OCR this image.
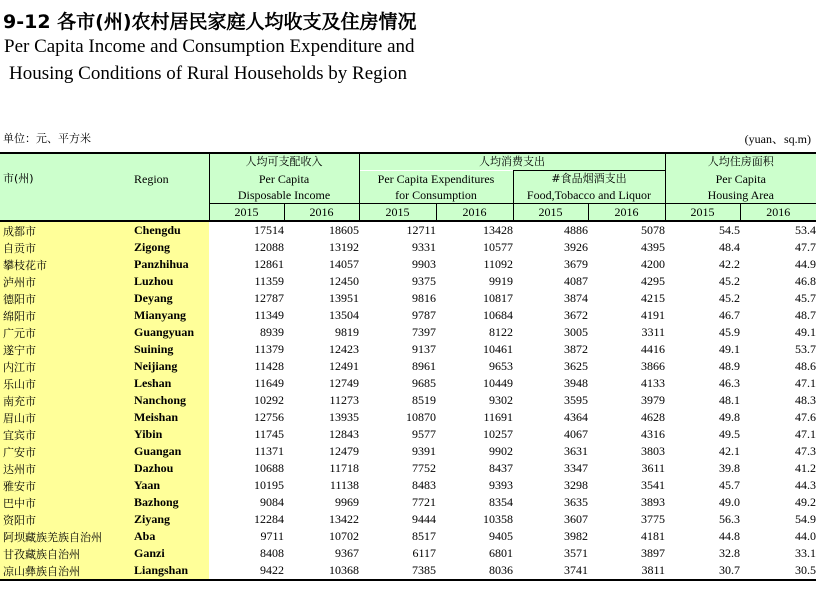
9-12 各市(州)农村居民家庭人均收支及住房情况
Per Capita Income and Consumption Expenditure and
Housing Conditions of Rural Households by Region
单位：元、平方米	(yuan、sq.m)
市(州)	Region	人均可支配收入		人均消费支出				人均住房面积	
		Per Capita		Per Capita Expenditures		#食品烟酒支出		Per Capita	
		Disposable Income		for Consumption		Food,Tobacco and Liquor		Housing Area	
		2015	2016	2015	2016	2015	2016	2015	2016
成都市	Chengdu	17514	18605	12711	13428	4886	5078	54.5	53.4
自贡市	Zigong	12088	13192	9331	10577	3926	4395	48.4	47.7
攀枝花市	Panzhihua	12861	14057	9903	11092	3679	4200	42.2	44.9
泸州市	Luzhou	11359	12450	9375	9919	4087	4295	45.2	46.8
德阳市	Deyang	12787	13951	9816	10817	3874	4215	45.2	45.7
绵阳市	Mianyang	11349	13504	9787	10684	3672	4191	46.7	48.7
广元市	Guangyuan	8939	9819	7397	8122	3005	3311	45.9	49.1
遂宁市	Suining	11379	12423	9137	10461	3872	4416	49.1	53.7
内江市	Neijiang	11428	12491	8961	9653	3625	3866	48.9	48.6
乐山市	Leshan	11649	12749	9685	10449	3948	4133	46.3	47.1
南充市	Nanchong	10292	11273	8519	9302	3595	3979	48.1	48.3
眉山市	Meishan	12756	13935	10870	11691	4364	4628	49.8	47.6
宜宾市	Yibin	11745	12843	9577	10257	4067	4316	49.5	47.1
广安市	Guangan	11371	12479	9391	9902	3631	3803	42.1	47.3
达州市	Dazhou	10688	11718	7752	8437	3347	3611	39.8	41.2
雅安市	Yaan	10195	11138	8483	9393	3298	3541	45.7	44.3
巴中市	Bazhong	9084	9969	7721	8354	3635	3893	49.0	49.2
资阳市	Ziyang	12284	13422	9444	10358	3607	3775	56.3	54.9
阿坝藏族羌族自治州	Aba	9711	10702	8517	9405	3982	4181	44.8	44.0
甘孜藏族自治州	Ganzi	8408	9367	6117	6801	3571	3897	32.8	33.1
凉山彝族自治州	Liangshan	9422	10368	7385	8036	3741	3811	30.7	30.5
